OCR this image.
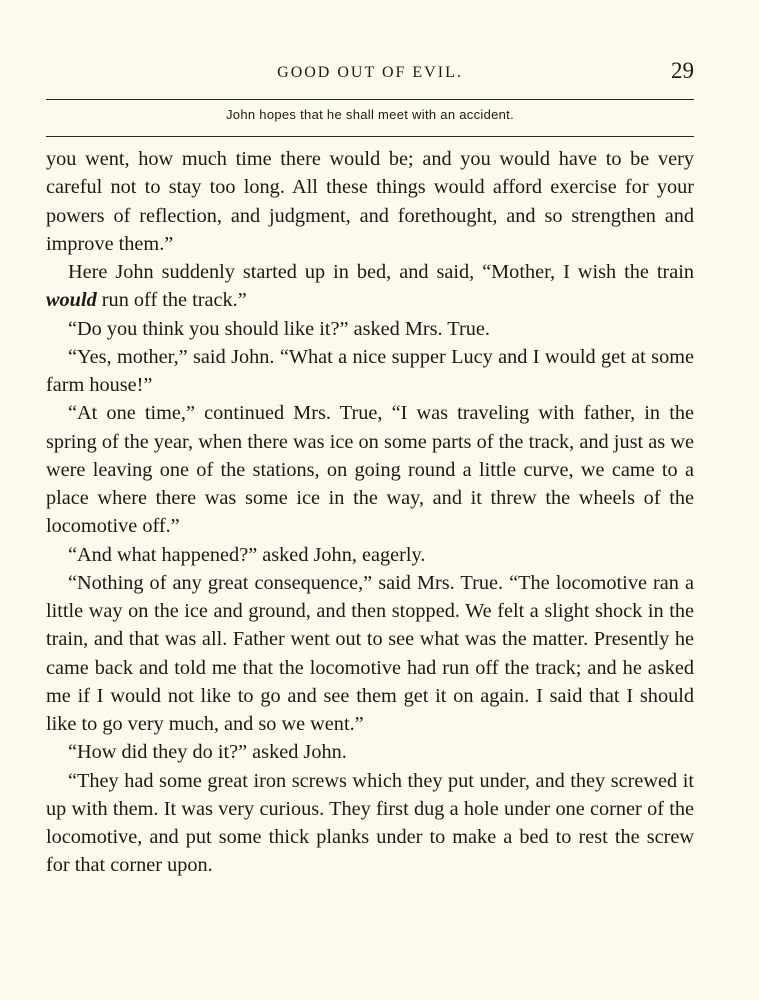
GOOD OUT OF EVIL.	29
John hopes that he shall meet with an accident.

you went, how much time there would be; and you would have to be very careful not to stay too long. All these things would afford exercise for your powers of reflection, and judgment, and forethought, and so strengthen and improve them.”

Here John suddenly started up in bed, and said, “Mother, I wish the train would run off the track.”

“Do you think you should like it?” asked Mrs. True.

“Yes, mother,” said John. “What a nice supper Lucy and I would get at some farm house!”

“At one time,” continued Mrs. True, “I was traveling with father, in the spring of the year, when there was ice on some parts of the track, and just as we were leaving one of the stations, on going round a little curve, we came to a place where there was some ice in the way, and it threw the wheels of the locomotive off.”

“And what happened?” asked John, eagerly.

“Nothing of any great consequence,” said Mrs. True. “The locomotive ran a little way on the ice and ground, and then stopped. We felt a slight shock in the train, and that was all. Father went out to see what was the matter. Presently he came back and told me that the locomotive had run off the track; and he asked me if I would not like to go and see them get it on again. I said that I should like to go very much, and so we went.”

“How did they do it?” asked John.

“They had some great iron screws which they put under, and they screwed it up with them. It was very curious. They first dug a hole under one corner of the locomotive, and put some thick planks under to make a bed to rest the screw for that corner upon.
